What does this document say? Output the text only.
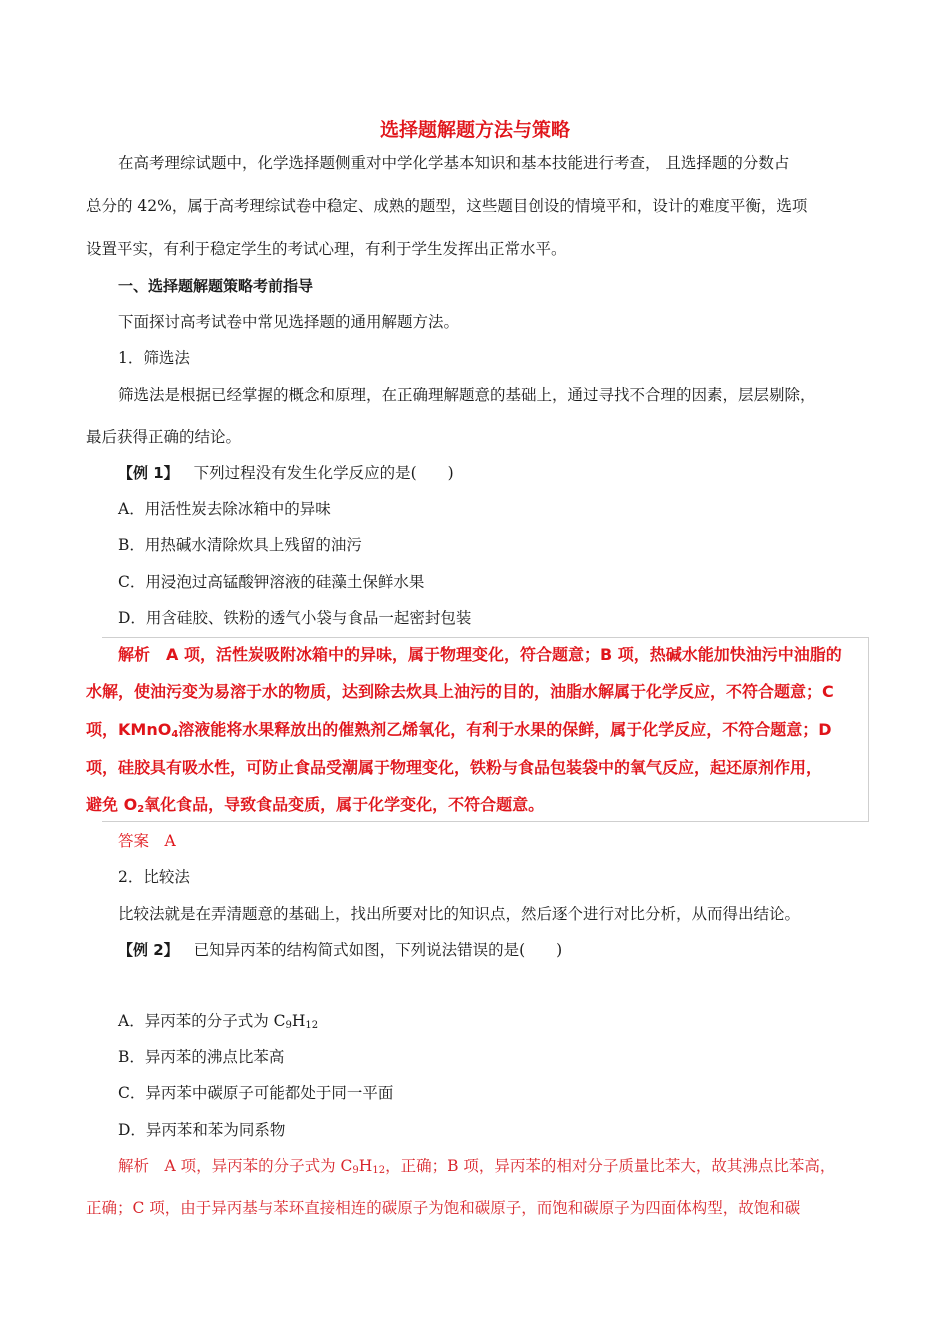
选择题解题方法与策略
在高考理综试题中，化学选择题侧重对中学化学基本知识和基本技能进行考查， 且选择题的分数占
总分的 42%，属于高考理综试卷中稳定、成熟的题型，这些题目创设的情境平和，设计的难度平衡，选项
设置平实，有利于稳定学生的考试心理，有利于学生发挥出正常水平。
一、选择题解题策略考前指导
下面探讨高考试卷中常见选择题的通用解题方法。
1．筛选法
筛选法是根据已经掌握的概念和原理，在正确理解题意的基础上，通过寻找不合理的因素，层层剔除，
最后获得正确的结论。
【例 1】 下列过程没有发生化学反应的是(　　)
A．用活性炭去除冰箱中的异味
B．用热碱水清除炊具上残留的油污
C．用浸泡过高锰酸钾溶液的硅藻土保鲜水果
D．用含硅胶、铁粉的透气小袋与食品一起密封包装
解析　A 项，活性炭吸附冰箱中的异味，属于物理变化，符合题意；B 项，热碱水能加快油污中油脂的
水解，使油污变为易溶于水的物质，达到除去炊具上油污的目的，油脂水解属于化学反应，不符合题意；C
项，KMnO$_4$溶液能将水果释放出的催熟剂乙烯氧化，有利于水果的保鲜，属于化学反应，不符合题意；D
项，硅胶具有吸水性，可防止食品受潮属于物理变化，铁粉与食品包装袋中的氧气反应，起还原剂作用，
避免 $O_2$氧化食品，导致食品变质，属于化学变化，不符合题意。
答案　A
2．比较法
比较法就是在弄清题意的基础上，找出所要对比的知识点，然后逐个进行对比分析，从而得出结论。
【例 2】 已知异丙苯的结构简式如图，下列说法错误的是(　　)
A．异丙苯的分子式为 $C_9H_{12}$
B．异丙苯的沸点比苯高
C．异丙苯中碳原子可能都处于同一平面
D．异丙苯和苯为同系物
解析　A 项，异丙苯的分子式为 $C_9H_{12}$，正确；B 项，异丙苯的相对分子质量比苯大，故其沸点比苯高，
正确；C 项，由于异丙基与苯环直接相连的碳原子为饱和碳原子，而饱和碳原子为四面体构型，故饱和碳
